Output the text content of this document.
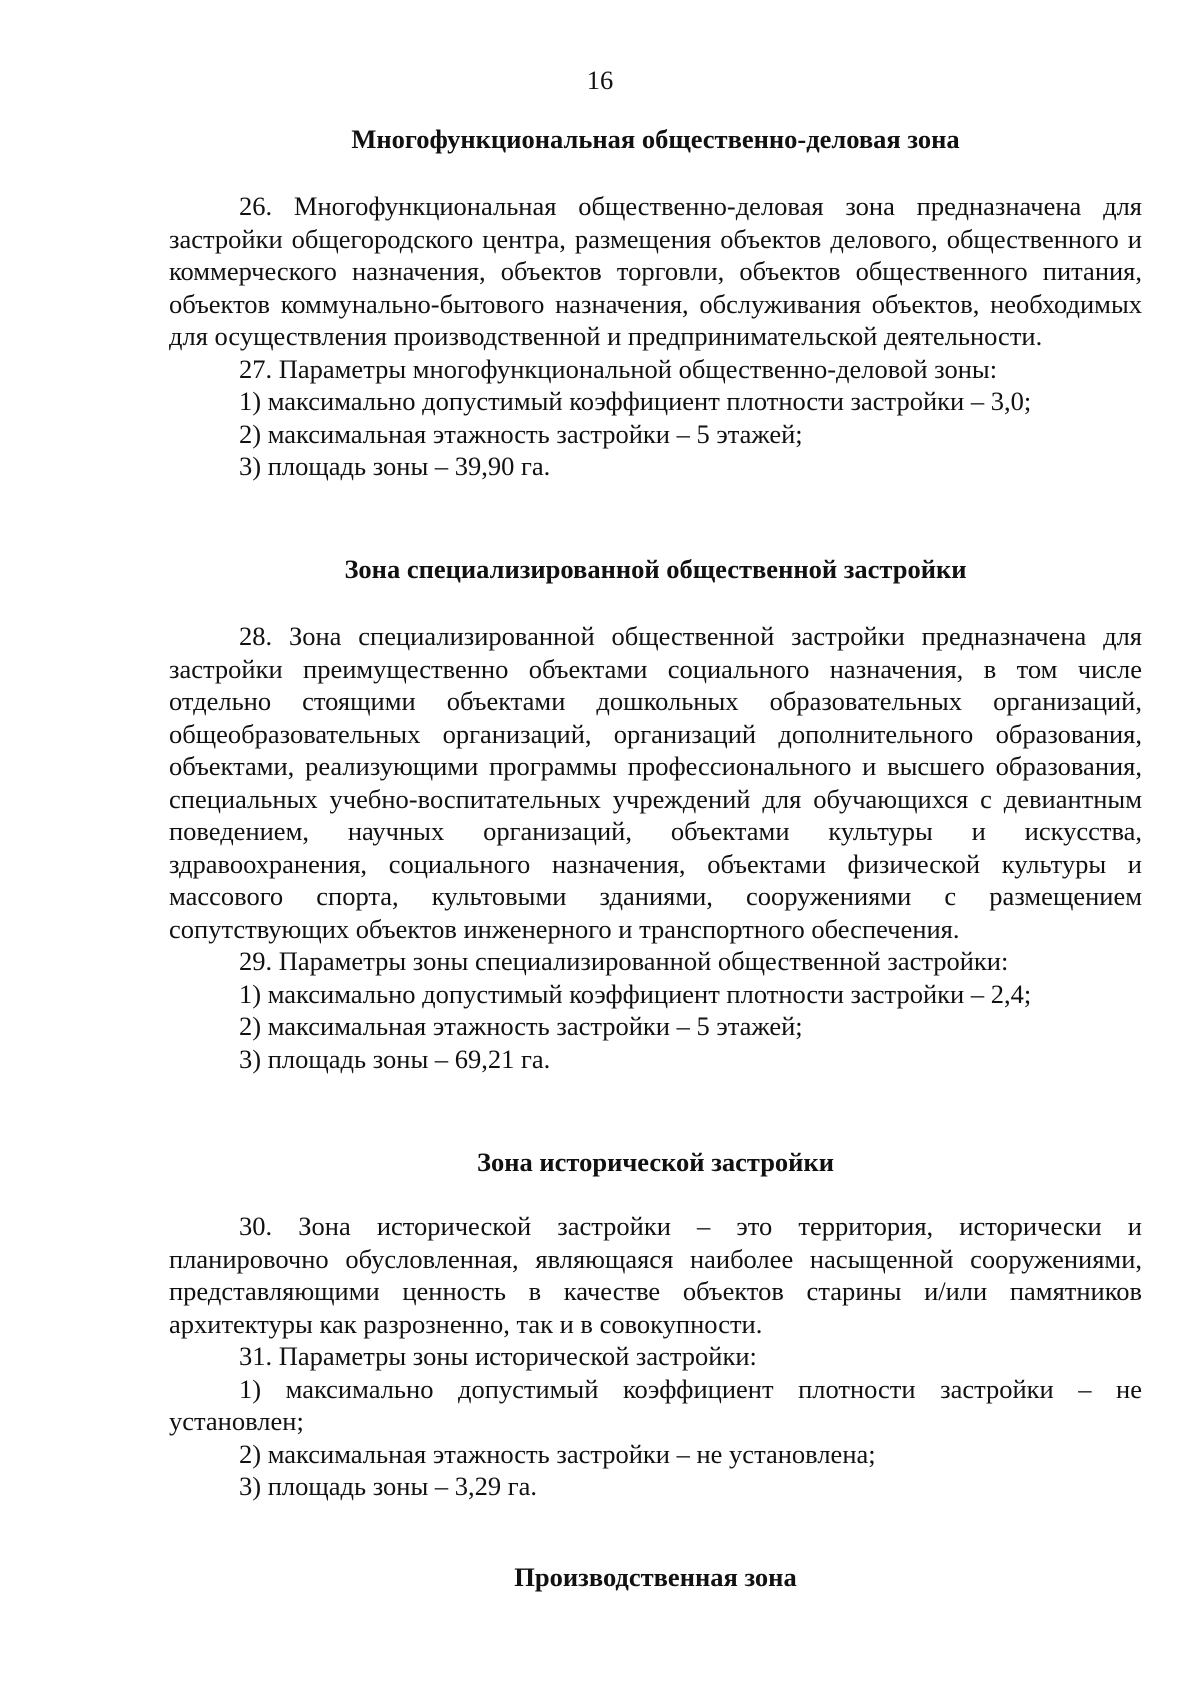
16
Многофункциональная общественно-деловая зона

26. Многофункциональная общественно-деловая зона предназначена для застройки общегородского центра, размещения объектов делового, общественного и коммерческого назначения, объектов торговли, объектов общественного питания, объектов коммунально-бытового назначения, обслуживания объектов, необходимых для осуществления производственной и предпринимательской деятельности.

27. Параметры многофункциональной общественно-деловой зоны:

1) максимально допустимый коэффициент плотности застройки – 3,0;

2) максимальная этажность застройки – 5 этажей;

3) площадь зоны – 39,90 га.

Зона специализированной общественной застройки

28. Зона специализированной общественной застройки предназначена для застройки преимущественно объектами социального назначения, в том числе отдельно стоящими объектами дошкольных образовательных организаций, общеобразовательных организаций, организаций дополнительного образования, объектами, реализующими программы профессионального и высшего образования, специальных учебно-воспитательных учреждений для обучающихся с девиантным поведением, научных организаций, объектами культуры и искусства, здравоохранения, социального назначения, объектами физической культуры и массового спорта, культовыми зданиями, сооружениями с размещением сопутствующих объектов инженерного и транспортного обеспечения.

29. Параметры зоны специализированной общественной застройки:

1) максимально допустимый коэффициент плотности застройки – 2,4;

2) максимальная этажность застройки – 5 этажей;

3) площадь зоны – 69,21 га.

Зона исторической застройки

30. Зона исторической застройки – это территория, исторически и планировочно обусловленная, являющаяся наиболее насыщенной сооружениями, представляющими ценность в качестве объектов старины и/или памятников архитектуры как разрозненно, так и в совокупности.

31. Параметры зоны исторической застройки:

1) максимально допустимый коэффициент плотности застройки – не установлен;

2) максимальная этажность застройки – не установлена;

3) площадь зоны – 3,29 га.

Производственная зона
